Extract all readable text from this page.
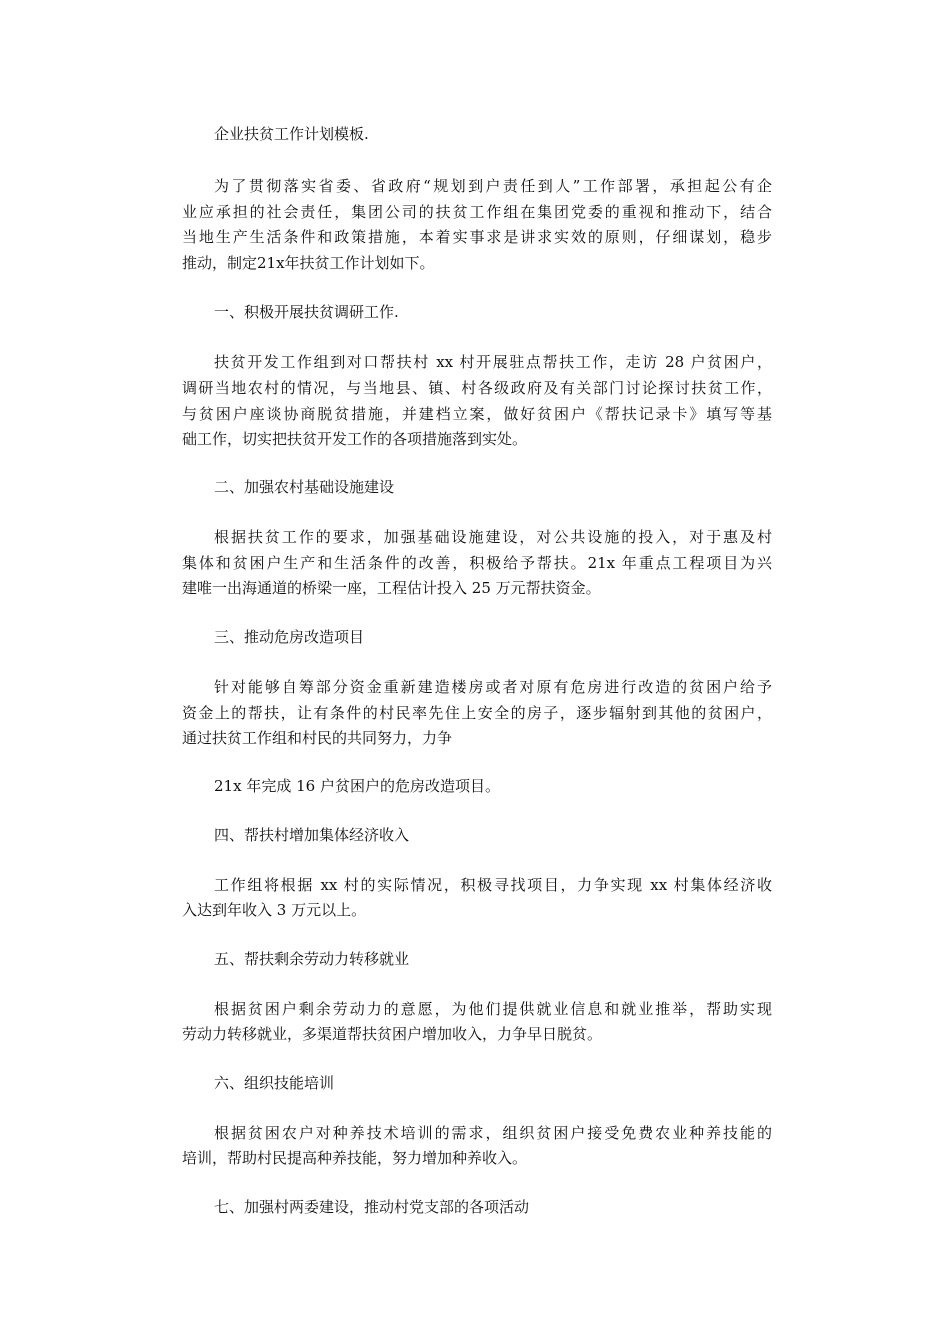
企业扶贫工作计划模板.
为了贯彻落实省委、省政府“规划到户责任到人”工作部署，承担起公有企
业应承担的社会责任，集团公司的扶贫工作组在集团党委的重视和推动下，结合
当地生产生活条件和政策措施，本着实事求是讲求实效的原则，仔细谋划，稳步
推动，制定21x年扶贫工作计划如下。
一、积极开展扶贫调研工作.
扶贫开发工作组到对口帮扶村 xx 村开展驻点帮扶工作，走访 28 户贫困户，
调研当地农村的情况，与当地县、镇、村各级政府及有关部门讨论探讨扶贫工作，
与贫困户座谈协商脱贫措施，并建档立案，做好贫困户《帮扶记录卡》填写等基
础工作，切实把扶贫开发工作的各项措施落到实处。
二、加强农村基础设施建设
根据扶贫工作的要求，加强基础设施建设，对公共设施的投入，对于惠及村
集体和贫困户生产和生活条件的改善，积极给予帮扶。21x 年重点工程项目为兴
建唯一出海通道的桥梁一座，工程估计投入 25 万元帮扶资金。
三、推动危房改造项目
针对能够自筹部分资金重新建造楼房或者对原有危房进行改造的贫困户给予
资金上的帮扶，让有条件的村民率先住上安全的房子，逐步辐射到其他的贫困户，
通过扶贫工作组和村民的共同努力，力争
21x 年完成 16 户贫困户的危房改造项目。
四、帮扶村增加集体经济收入
工作组将根据 xx 村的实际情况，积极寻找项目，力争实现 xx 村集体经济收
入达到年收入 3 万元以上。
五、帮扶剩余劳动力转移就业
根据贫困户剩余劳动力的意愿，为他们提供就业信息和就业推举，帮助实现
劳动力转移就业，多渠道帮扶贫困户增加收入，力争早日脱贫。
六、组织技能培训
根据贫困农户对种养技术培训的需求，组织贫困户接受免费农业种养技能的
培训，帮助村民提高种养技能，努力增加种养收入。
七、加强村两委建设，推动村党支部的各项活动
